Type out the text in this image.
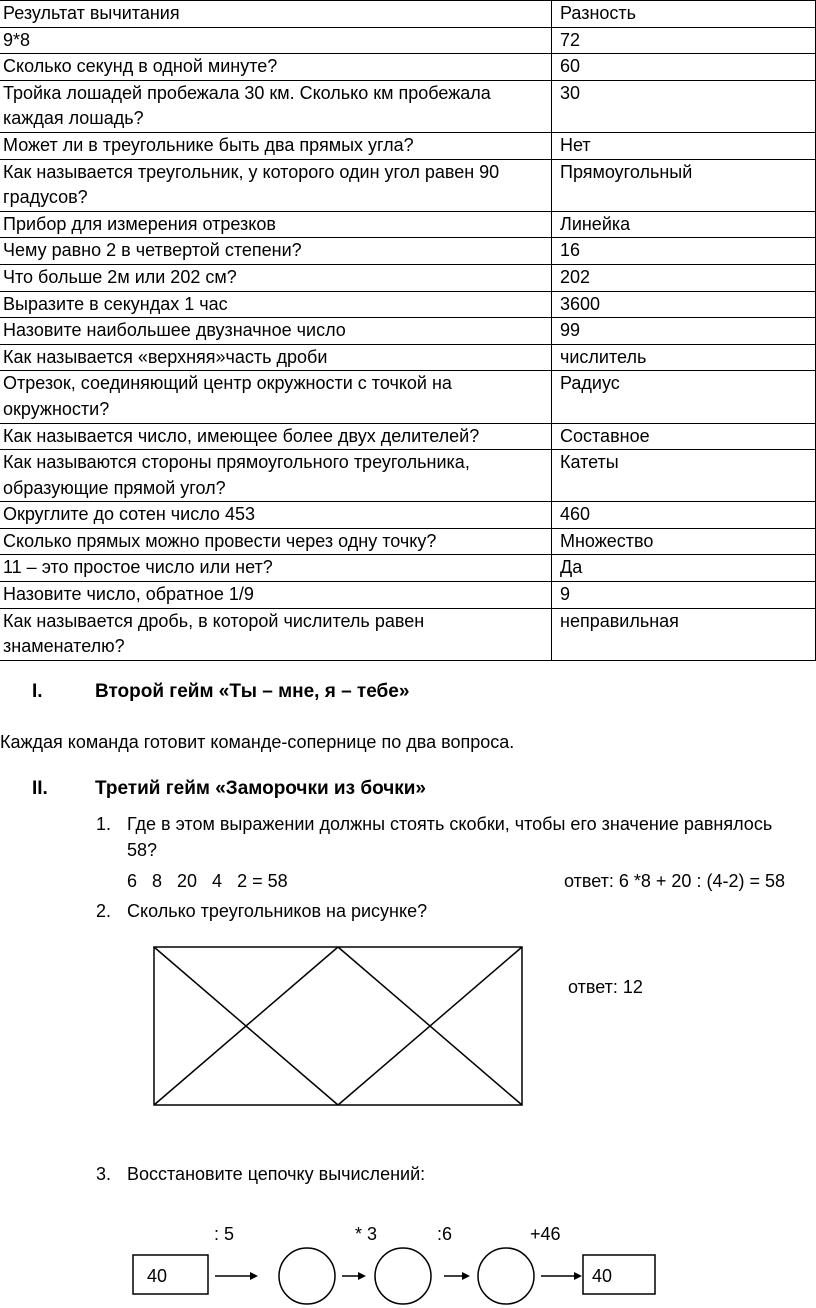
Результат вычитания	Разность
9*8	72
Сколько секунд в одной минуте?	60

Тройка лошадей пробежала 30 км. Сколько км пробежала
каждая лошадь?	30
Может ли в треугольнике быть два прямых угла?	Нет

Как называется треугольник, у которого один угол равен 90
градусов?	Прямоугольный
Прибор для измерения отрезков	Линейка
Чему равно 2 в четвертой степени?	16
Что больше 2м или 202 см?	202
Выразите в секундах 1 час	3600
Назовите наибольшее двузначное число	99
Как называется «верхняя»часть дроби	числитель

Отрезок, соединяющий центр окружности с точкой на
окружности?	Радиус
Как называется число, имеющее более двух делителей?	Составное

Как называются стороны прямоугольного треугольника,
образующие прямой угол?	Катеты
Округлите до сотен число 453	460
Сколько прямых можно провести через одну точку?	Множество
11 – это простое число или нет?	Да
Назовите число, обратное 1/9	9

Как называется дробь, в которой числитель равен
знаменателю?	неправильная
I.	Второй гейм «Ты – мне, я – тебе»
Каждая команда готовит команде-сопернице по два вопроса.
II. Третий гейм «Заморочки из бочки»
1. Где в этом выражении должны стоять скобки, чтобы его значение равнялось
58?
6   8   20   4   2 = 58	ответ: 6 *8 + 20 : (4-2) = 58
2. Сколько треугольников на рисунке?
ответ: 12
3. Восстановите цепочку вычислений:
: 5	* 3	:6	+46
40	40
